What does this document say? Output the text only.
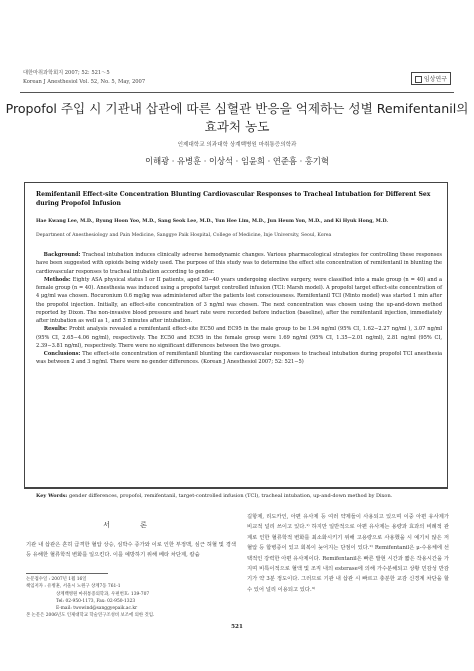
대한마취과학회지 2007; 52: 521～5
Korean J Anesthesiol Vol. 52, No. 5, May, 2007	임상연구
Propofol 주입 시 기관내 삽관에 따른 심혈관 반응을 억제하는 성별 Remifentanil의 효과처 농도
인제대학교 의과대학 상계백병원 마취통증의학과
이해광 · 유병훈 · 이상석 · 임윤희 · 연준흠 · 홍기혁
Remifentanil Effect-site Concentration Blunting Cardiovascular Responses to Tracheal Intubation for Different Sex during Propofol Infusion
Hae Kwang Lee, M.D., Byung Hoon Yoo, M.D., Sang Seok Lee, M.D., Yun Hee Lim, M.D., Jun Heum Yon, M.D., and Ki Hyuk Hong, M.D.
Department of Anesthesiology and Pain Medicine, Sanggye Paik Hospital, College of Medicine, Inje University, Seoul, Korea

Background: Tracheal intubation induces clinically adverse hemodynamic changes. Various pharmacological strategies for controlling these responses have been suggested with opioids being widely used. The purpose of this study was to determine the effect site concentration of remifentanil in blunting the cardiovascular responses to tracheal intubation according to gender.

Methods: Eighty ASA physical status I or II patients, aged 20−40 years undergoing elective surgery, were classified into a male group (n = 40) and a female group (n = 40). Anesthesia was induced using a propofol target controlled infusion (TCI: Marsh model). A propofol target effect-site concentration of 4 μg/ml was chosen. Rocuronium 0.6 mg/kg was administered after the patients lost consciousness. Remifentanil TCI (Minto model) was started 1 min after the propofol injection. Initially, an effect-site concentration of 3 ng/ml was chosen. The next concentration was chosen using the up-and-down method reported by Dixon. The non-invasive blood pressure and heart rate were recorded before induction (baseline), after the remifentanil injection, immediately after intubation as well as 1, and 3 minutes after intubation.

Results: Probit analysis revealed a remifentanil effect-site EC50 and EC95 in the male group to be 1.94 ng/ml (95% CI, 1.62−2.27 ng/ml ), 3.07 ng/ml (95% CI, 2.65−4.06 ng/ml), respectively. The EC50 and EC95 in the female group were 1.69 ng/ml (95% CI, 1.35−2.01 ng/ml), 2.81 ng/ml (95% CI, 2.39−3.81 ng/ml), respectively. There were no significant differences between the two groups.

Conclusions: The effect-site concentration of remifentanil blunting the cardiovascular responses to tracheal intubation during propofol TCI anesthesia was between 2 and 3 ng/ml. There were no gender differences. (Korean J Anesthesiol 2007; 52: 521−5)

Key Words: gender differences, propofol, remifentanil, target-controlled infusion (TCI), tracheal intubation, up-and-down method by Dixon.
서 론
기관 내 삽관은 흔히 급격한 혈압 상승, 심박수 증가와 이로 인한 부정맥, 심근 허혈 및 경색 등 유해한 혈류학적 변화를 일으킨다. 이를 예방하기 위해 베타 차단제, 칼슘
논문접수일 : 2007년 1월 16일
책임저자 : 유병훈, 서울시 노원구 상계7동 761-1
상계백병원 마취통증의학과, 우편번호: 139-707
Tel: 02-950-1173, Fax: 02-950-1323
E-mail: twowind@sanggyepaik.ac.kr
본 논문은 2006년도 인제대학교 학술연구조성비 보조에 의한 것임.
길항제, 리도카인, 아편 유사제 등 여러 약제들이 사용되고 있으며 이중 아편 유사제가 비교적 널리 쓰이고 있다.¹⁾ 하지만 일반적으로 아편 유사제는 용량과 효과의 비례적 관계로 인한 혈류학적 변화를 최소화시키기 위해 고용량으로 사용했을 시 예기치 않은 저혈압 등 합병증이 있고 회복이 늦어지는 단점이 있다.²⁾ Remifentanil은 μ-수용체에 선택적인 강력한 아편 유사제이다. Remifentanil은 빠른 발현 시간과 짧은 작용시간을 가지며 비특이적으로 혈액 및 조직 내의 esterase에 의해 가수분해되고 상황 민감성 반감기가 약 3분 정도이다. 그러므로 기관 내 삽관 시 빠르고 충분한 교감 신경계 차단을 할 수 있어 널리 이용되고 있다.³⁾
521
